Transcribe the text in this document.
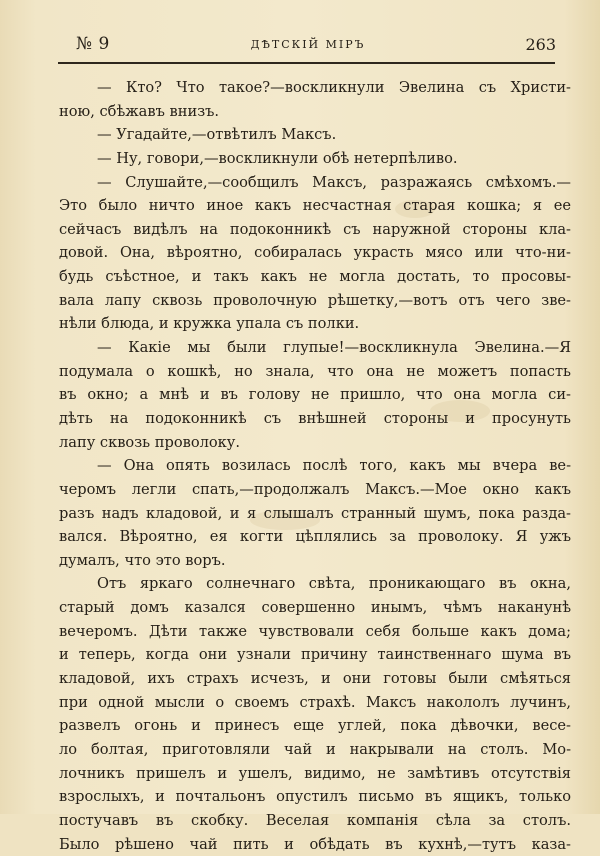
№ 9	ДѢТСКІЙ МІРЪ	263
— Кто? Что такое?—воскликнули Эвелина съ Христи-
ною, сбѣжавъ внизъ.
— Угадайте,—отвѣтилъ Максъ.
— Ну, говори,—воскликнули обѣ нетерпѣливо.
— Слушайте,—сообщилъ Максъ, разражаясь смѣхомъ.—
Это было ничто иное какъ несчастная старая кошка; я ее
сейчасъ видѣлъ на подоконникѣ съ наружной стороны кла-
довой. Она, вѣроятно, собиралась украсть мясо или что-ни-
будь съѣстное, и такъ какъ не могла достать, то просовы-
вала лапу сквозь проволочную рѣшетку,—вотъ отъ чего зве-
нѣли блюда, и кружка упала съ полки.
— Какіе мы были глупые!—воскликнула Эвелина.—Я
подумала о кошкѣ, но знала, что она не можетъ попасть
въ окно; а мнѣ и въ голову не пришло, что она могла си-
дѣть на подоконникѣ съ внѣшней стороны и просунуть
лапу сквозь проволоку.
— Она опять возилась послѣ того, какъ мы вчера ве-
черомъ легли спать,—продолжалъ Максъ.—Мое окно какъ
разъ надъ кладовой, и я слышалъ странный шумъ, пока разда-
вался. Вѣроятно, ея когти цѣплялись за проволоку. Я ужъ
думалъ, что это воръ.
Отъ яркаго солнечнаго свѣта, проникающаго въ окна,
старый домъ казался совершенно инымъ, чѣмъ наканунѣ
вечеромъ. Дѣти также чувствовали себя больше какъ дома;
и теперь, когда они узнали причину таинственнаго шума въ
кладовой, ихъ страхъ исчезъ, и они готовы были смѣяться
при одной мысли о своемъ страхѣ. Максъ накололъ лучинъ,
развелъ огонь и принесъ еще углей, пока дѣвочки, весе-
ло болтая, приготовляли чай и накрывали на столъ. Мо-
лочникъ пришелъ и ушелъ, видимо, не замѣтивъ отсутствія
взрослыхъ, и почтальонъ опустилъ письмо въ ящикъ, только
постучавъ въ скобку. Веселая компанія сѣла за столъ.
Было рѣшено чай пить и обѣдать въ кухнѣ,—тутъ каза-
